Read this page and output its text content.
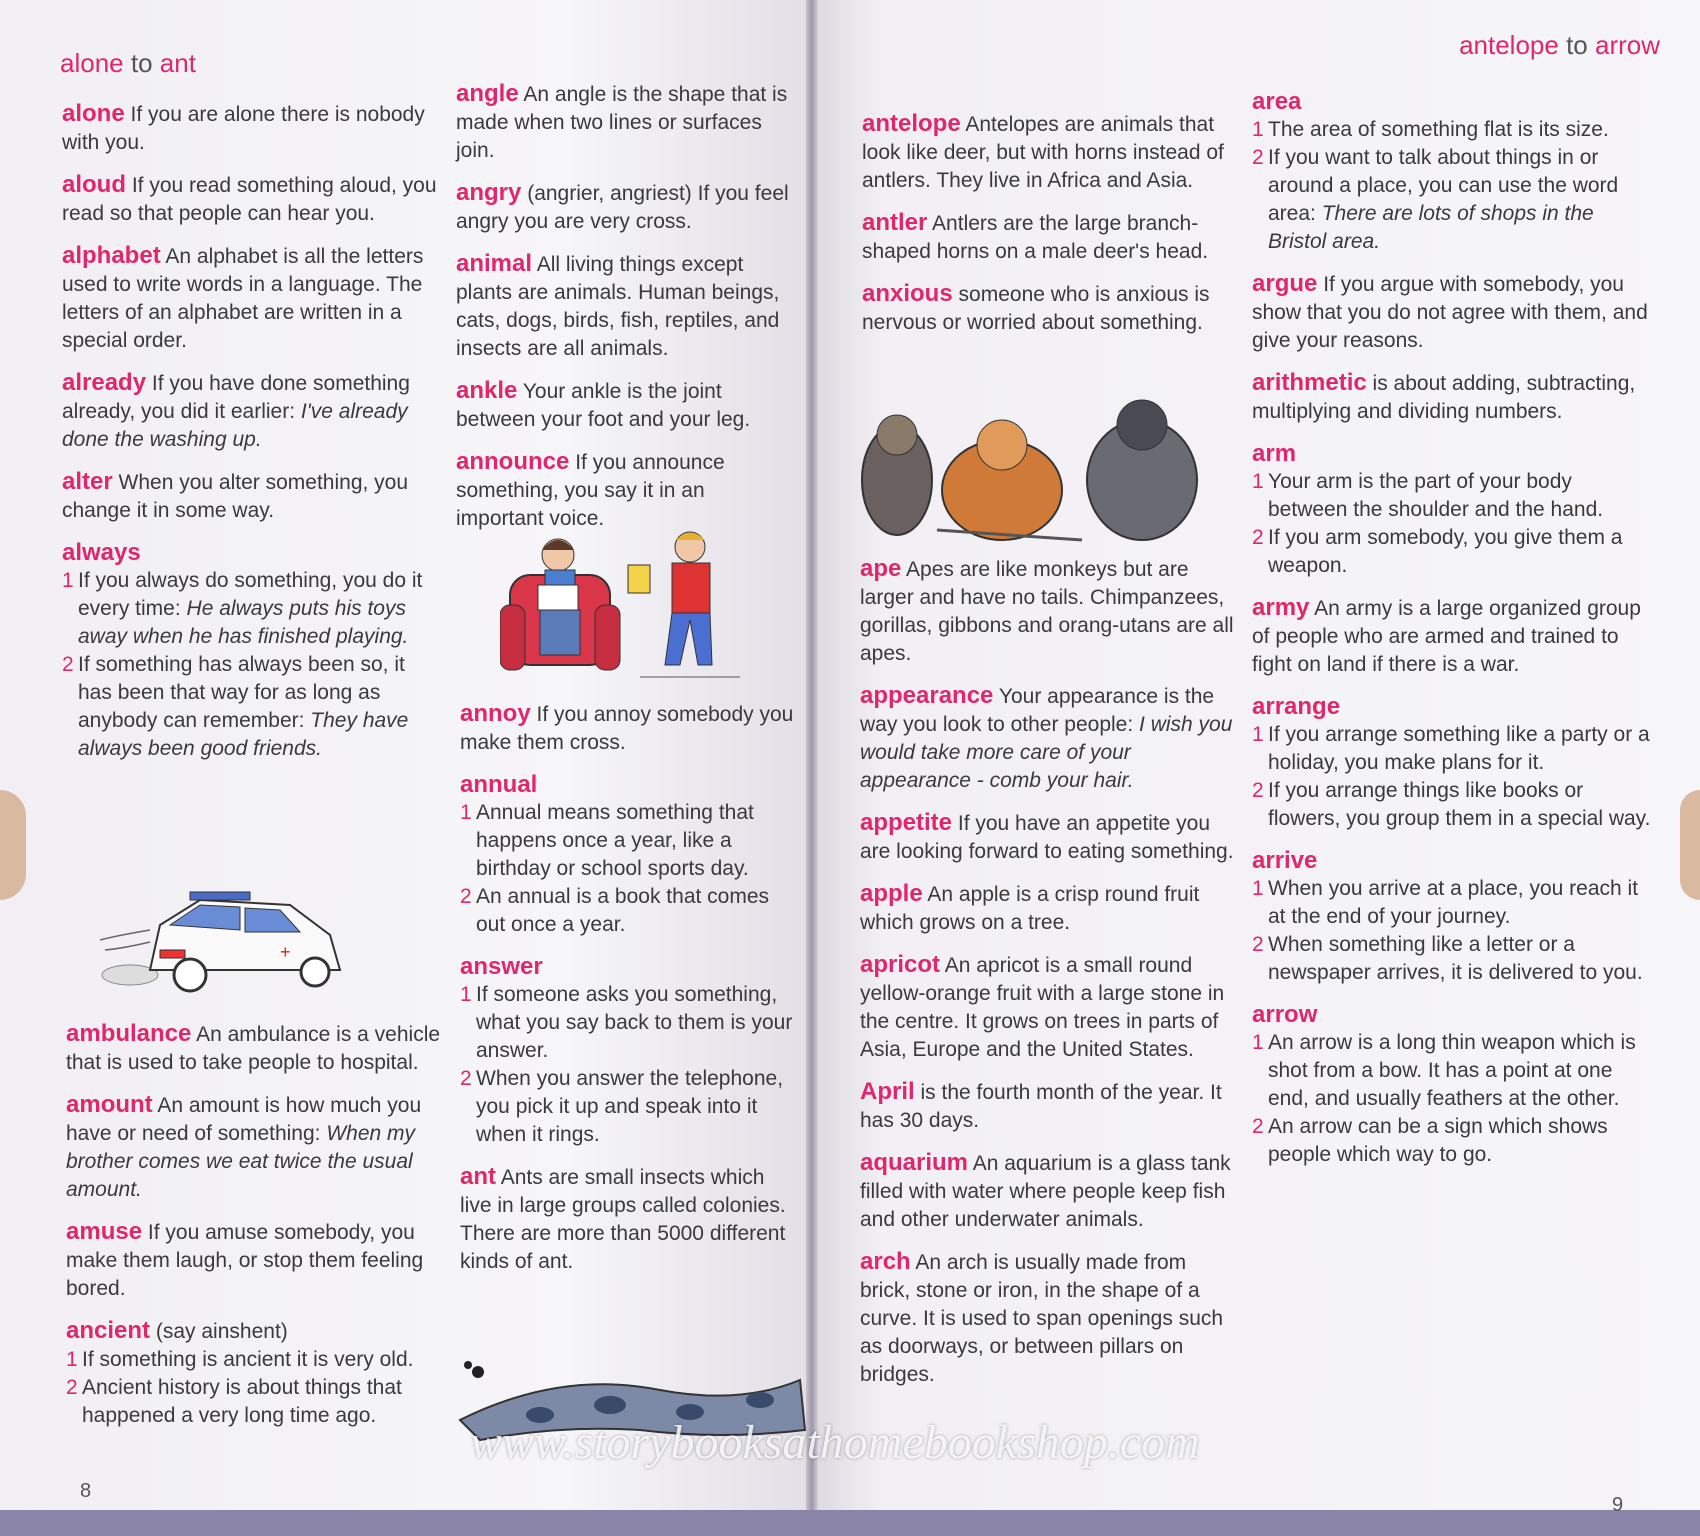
alone to ant
alone If you are alone there is nobody with you.
aloud If you read something aloud, you read so that people can hear you.
alphabet An alphabet is all the letters used to write words in a language. The letters of an alphabet are written in a special order.
already If you have done something already, you did it earlier: I've already done the washing up.
alter When you alter something, you change it in some way.
always
1 If you always do something, you do it every time: He always puts his toys away when he has finished playing.
2 If something has always been so, it has been that way for as long as anybody can remember: They have always been good friends.
+
ambulance An ambulance is a vehicle that is used to take people to hospital.
amount An amount is how much you have or need of something: When my brother comes we eat twice the usual amount.
amuse If you amuse somebody, you make them laugh, or stop them feeling bored.
ancient (say ainshent)
1 If something is ancient it is very old.
2 Ancient history is about things that happened a very long time ago.
8
angle An angle is the shape that is made when two lines or surfaces join.
angry (angrier, angriest) If you feel angry you are very cross.
animal All living things except plants are animals. Human beings, cats, dogs, birds, fish, reptiles, and insects are all animals.
ankle Your ankle is the joint between your foot and your leg.
announce If you announce something, you say it in an important voice.
annoy If you annoy somebody you make them cross.
annual
1 Annual means something that happens once a year, like a birthday or school sports day.
2 An annual is a book that comes out once a year.
answer
1 If someone asks you something, what you say back to them is your answer.
2 When you answer the telephone, you pick it up and speak into it when it rings.
ant Ants are small insects which live in large groups called colonies. There are more than 5000 different kinds of ant.
antelope to arrow
antelope Antelopes are animals that look like deer, but with horns instead of antlers. They live in Africa and Asia.
antler Antlers are the large branch-shaped horns on a male deer's head.
anxious someone who is anxious is nervous or worried about something.
ape Apes are like monkeys but are larger and have no tails. Chimpanzees, gorillas, gibbons and orang-utans are all apes.
appearance Your appearance is the way you look to other people: I wish you would take more care of your appearance - comb your hair.
appetite If you have an appetite you are looking forward to eating something.
apple An apple is a crisp round fruit which grows on a tree.
apricot An apricot is a small round yellow-orange fruit with a large stone in the centre. It grows on trees in parts of Asia, Europe and the United States.
April is the fourth month of the year. It has 30 days.
aquarium An aquarium is a glass tank filled with water where people keep fish and other underwater animals.
arch An arch is usually made from brick, stone or iron, in the shape of a curve. It is used to span openings such as doorways, or between pillars on bridges.
area
1 The area of something flat is its size.
2 If you want to talk about things in or around a place, you can use the word area: There are lots of shops in the Bristol area.
argue If you argue with somebody, you show that you do not agree with them, and give your reasons.
arithmetic is about adding, subtracting, multiplying and dividing numbers.
arm
1 Your arm is the part of your body between the shoulder and the hand.
2 If you arm somebody, you give them a weapon.
army An army is a large organized group of people who are armed and trained to fight on land if there is a war.
arrange
1 If you arrange something like a party or a holiday, you make plans for it.
2 If you arrange things like books or flowers, you group them in a special way.
arrive
1 When you arrive at a place, you reach it at the end of your journey.
2 When something like a letter or a newspaper arrives, it is delivered to you.
arrow
1 An arrow is a long thin weapon which is shot from a bow. It has a point at one end, and usually feathers at the other.
2 An arrow can be a sign which shows people which way to go.
9
www.storybooksathomebookshop.com
